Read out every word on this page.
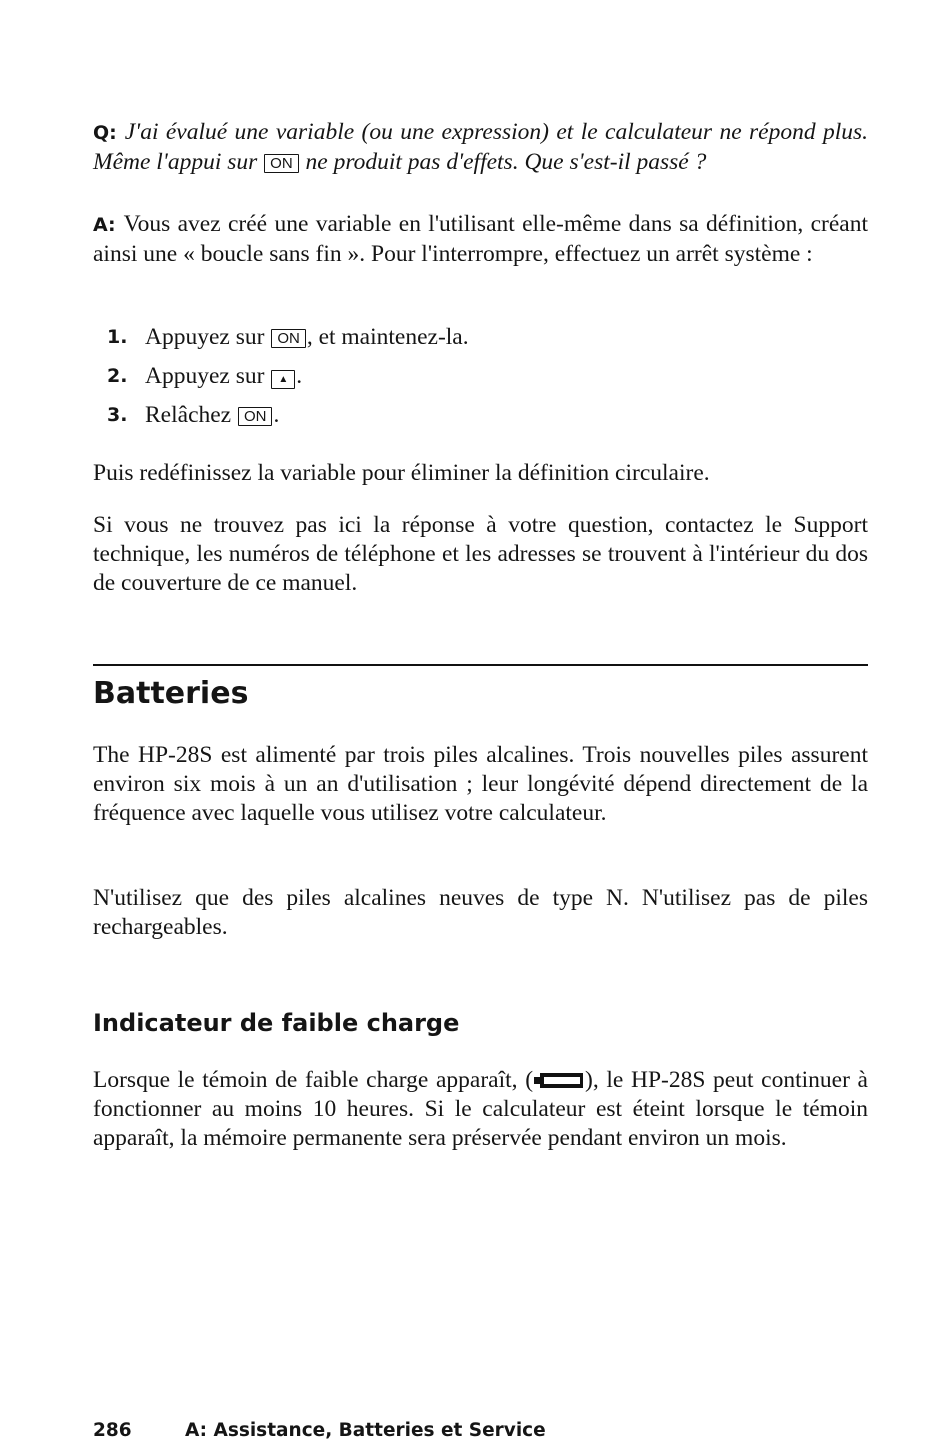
Q: J'ai évalué une variable (ou une expression) et le calculateur ne répond plus. Même l'appui sur ON ne produit pas d'effets. Que s'est-il passé ?

A: Vous avez créé une variable en l'utilisant elle-même dans sa définition, créant ainsi une « boucle sans fin ». Pour l'interrompre, effectuez un arrêt système :

1. Appuyez sur ON , et maintenez-la.
2. Appuyez sur ▲ .
3. Relâchez ON .

Puis redéfinissez la variable pour éliminer la définition circulaire.

Si vous ne trouvez pas ici la réponse à votre question, contactez le Support technique, les numéros de téléphone et les adresses se trouvent à l'intérieur du dos de couverture de ce manuel.

Batteries

The HP-28S est alimenté par trois piles alcalines. Trois nouvelles piles assurent environ six mois à un an d'utilisation ; leur longévité dépend directement de la fréquence avec laquelle vous utilisez votre calculateur.

N'utilisez que des piles alcalines neuves de type N. N'utilisez pas de piles rechargeables.

Indicateur de faible charge

Lorsque le témoin de faible charge apparaît, ( ), le HP-28S peut continuer à fonctionner au moins 10 heures. Si le calculateur est éteint lorsque le témoin apparaît, la mémoire permanente sera préservée pendant environ un mois.

286	A: Assistance, Batteries et Service
